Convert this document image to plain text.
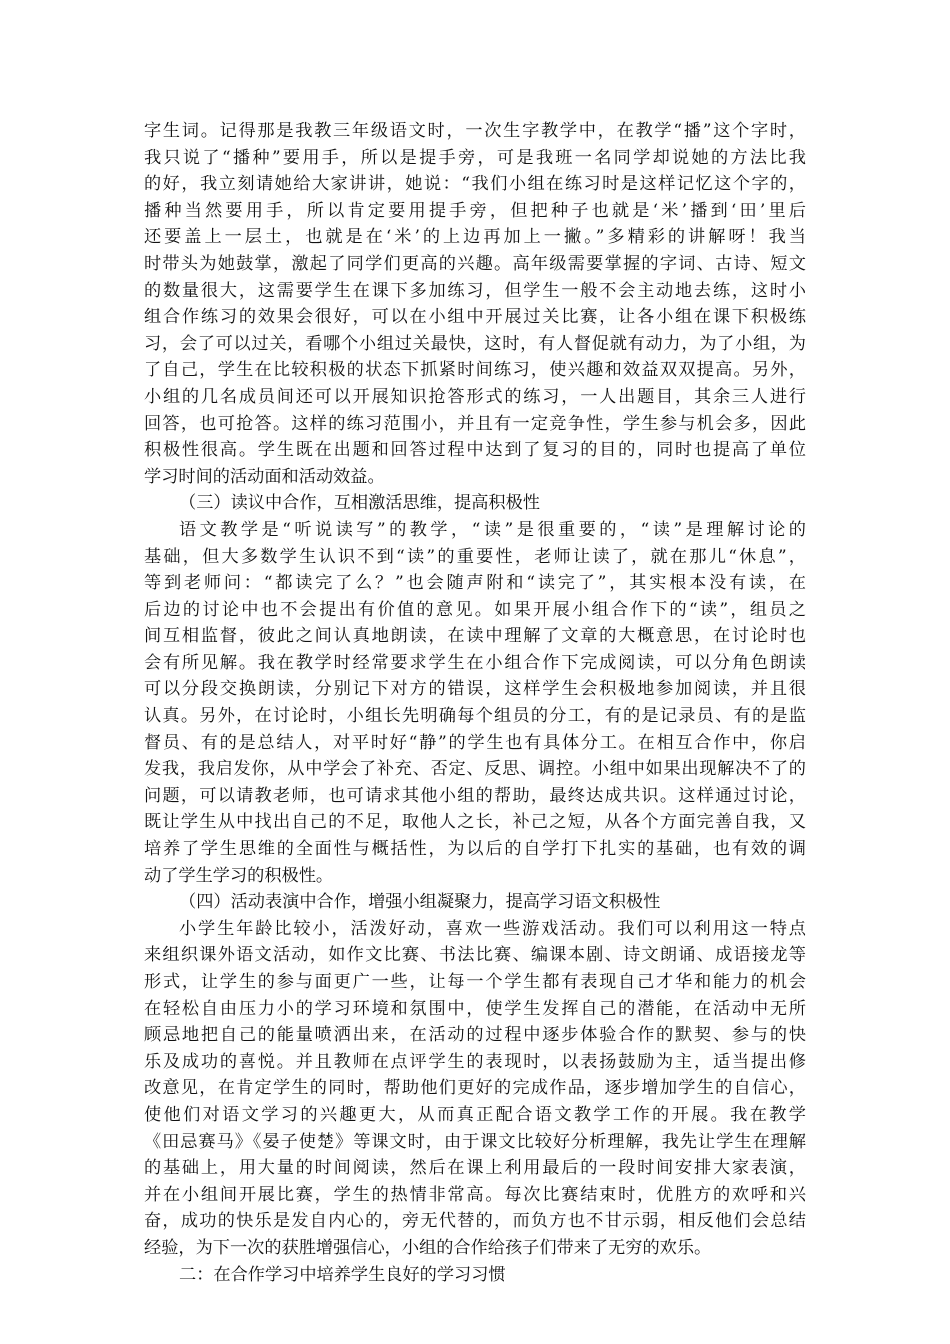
字生词。记得那是我教三年级语文时，一次生字教学中，在教学“播”这个字时，
我只说了“播种”要用手，所以是提手旁，可是我班一名同学却说她的方法比我
的好，我立刻请她给大家讲讲，她说：“我们小组在练习时是这样记忆这个字的，
播种当然要用手，所以肯定要用提手旁，但把种子也就是‘米’播到‘田’里后
还要盖上一层土，也就是在‘米’的上边再加上一撇。”多精彩的讲解呀！我当
时带头为她鼓掌，激起了同学们更高的兴趣。高年级需要掌握的字词、古诗、短文
的数量很大，这需要学生在课下多加练习，但学生一般不会主动地去练，这时小
组合作练习的效果会很好，可以在小组中开展过关比赛，让各小组在课下积极练
习，会了可以过关，看哪个小组过关最快，这时，有人督促就有动力，为了小组，为
了自己，学生在比较积极的状态下抓紧时间练习，使兴趣和效益双双提高。另外，
小组的几名成员间还可以开展知识抢答形式的练习，一人出题目，其余三人进行
回答，也可抢答。这样的练习范围小，并且有一定竞争性，学生参与机会多，因此
积极性很高。学生既在出题和回答过程中达到了复习的目的，同时也提高了单位
学习时间的活动面和活动效益。
（三）读议中合作，互相激活思维，提高积极性
语文教学是“听说读写”的教学，“读”是很重要的，“读”是理解讨论的
基础，但大多数学生认识不到“读”的重要性，老师让读了，就在那儿“休息”，
等到老师问：“都读完了么？”也会随声附和“读完了”，其实根本没有读，在
后边的讨论中也不会提出有价值的意见。如果开展小组合作下的“读”，组员之
间互相监督，彼此之间认真地朗读，在读中理解了文章的大概意思，在讨论时也
会有所见解。我在教学时经常要求学生在小组合作下完成阅读，可以分角色朗读
可以分段交换朗读，分别记下对方的错误，这样学生会积极地参加阅读，并且很
认真。另外，在讨论时，小组长先明确每个组员的分工，有的是记录员、有的是监
督员、有的是总结人，对平时好“静”的学生也有具体分工。在相互合作中，你启
发我，我启发你，从中学会了补充、否定、反思、调控。小组中如果出现解决不了的
问题，可以请教老师，也可请求其他小组的帮助，最终达成共识。这样通过讨论，
既让学生从中找出自己的不足，取他人之长，补己之短，从各个方面完善自我，又
培养了学生思维的全面性与概括性，为以后的自学打下扎实的基础，也有效的调
动了学生学习的积极性。
（四）活动表演中合作，增强小组凝聚力，提高学习语文积极性
小学生年龄比较小，活泼好动，喜欢一些游戏活动。我们可以利用这一特点
来组织课外语文活动，如作文比赛、书法比赛、编课本剧、诗文朗诵、成语接龙等
形式，让学生的参与面更广一些，让每一个学生都有表现自己才华和能力的机会
在轻松自由压力小的学习环境和氛围中，使学生发挥自己的潜能，在活动中无所
顾忌地把自己的能量喷洒出来，在活动的过程中逐步体验合作的默契、参与的快
乐及成功的喜悦。并且教师在点评学生的表现时，以表扬鼓励为主，适当提出修
改意见，在肯定学生的同时，帮助他们更好的完成作品，逐步增加学生的自信心，
使他们对语文学习的兴趣更大，从而真正配合语文教学工作的开展。我在教学
《田忌赛马》《晏子使楚》等课文时，由于课文比较好分析理解，我先让学生在理解
的基础上，用大量的时间阅读，然后在课上利用最后的一段时间安排大家表演，
并在小组间开展比赛，学生的热情非常高。每次比赛结束时，优胜方的欢呼和兴
奋，成功的快乐是发自内心的，旁无代替的，而负方也不甘示弱，相反他们会总结
经验，为下一次的获胜增强信心，小组的合作给孩子们带来了无穷的欢乐。
二：在合作学习中培养学生良好的学习习惯
